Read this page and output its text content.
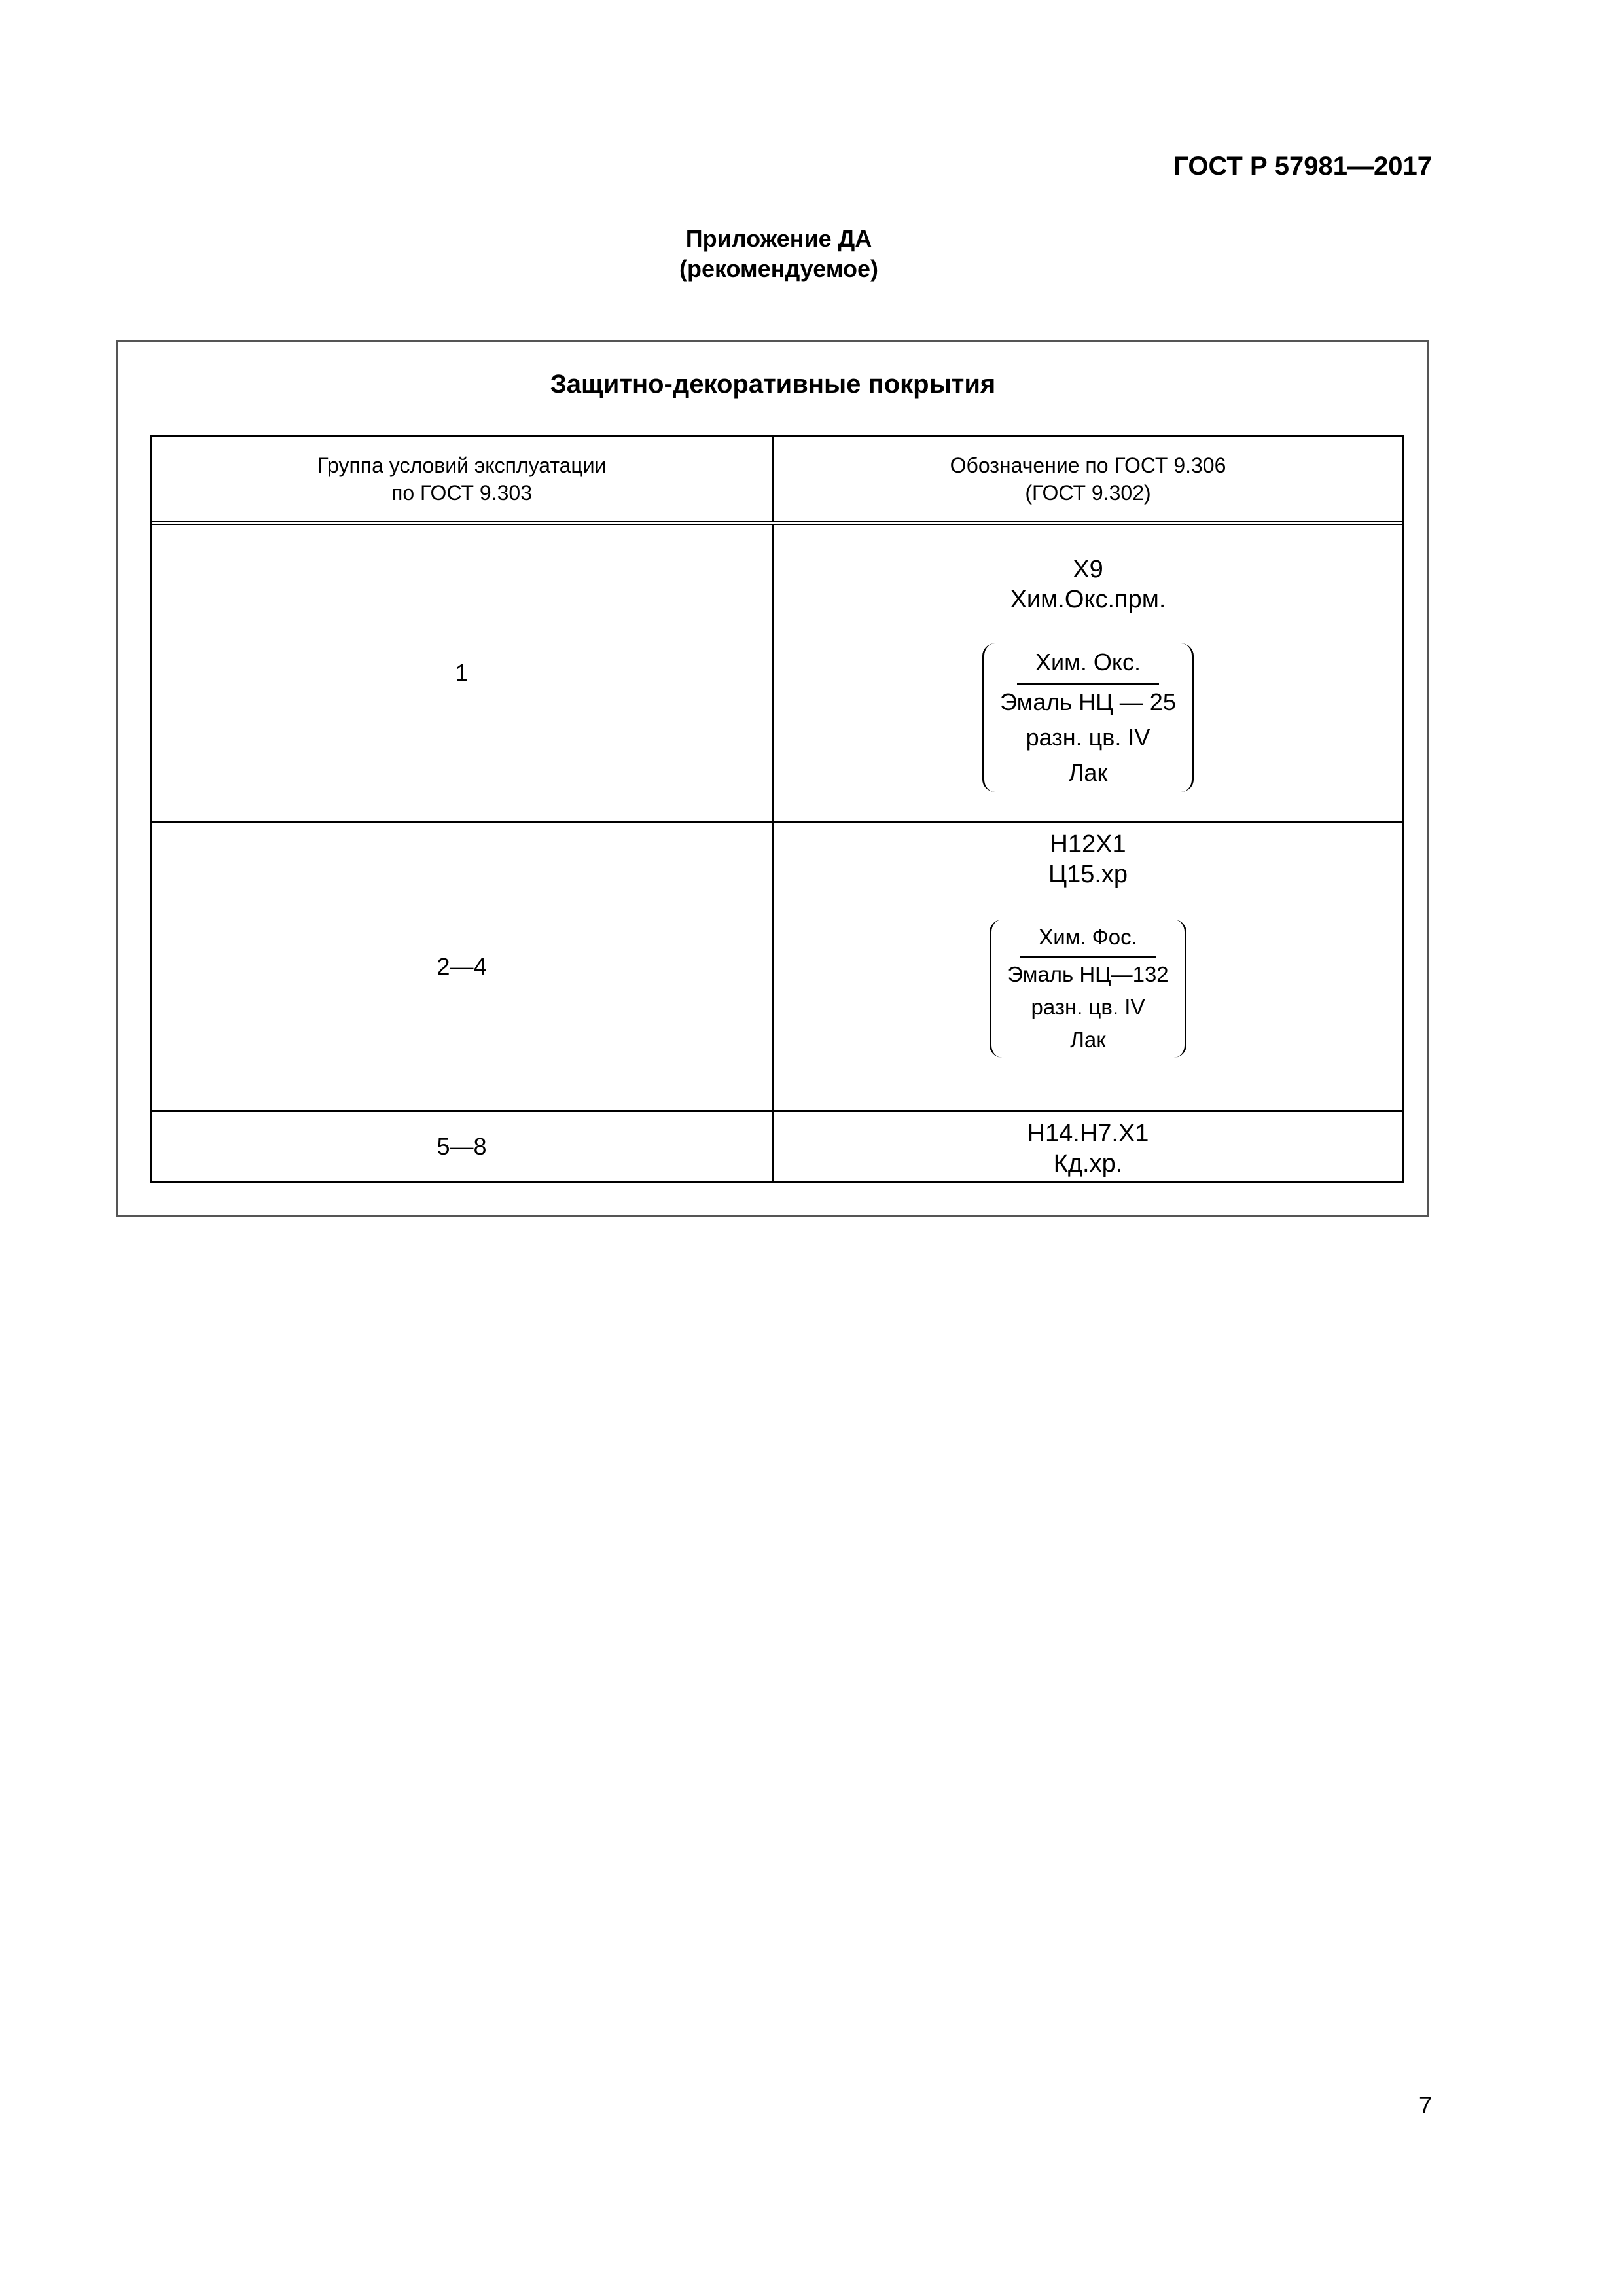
ГОСТ Р 57981—2017
Приложение ДА
(рекомендуемое)
Защитно-декоративные покрытия
Группа условий эксплуатации
по ГОСТ 9.303
Обозначение по ГОСТ 9.306
(ГОСТ 9.302)
1
Х9
Хим.Окс.прм.
Хим. Окс.
Эмаль НЦ — 25
разн. цв. IV
Лак
2—4
Н12Х1
Ц15.хр
Хим. Фос.
Эмаль НЦ—132
разн. цв. IV
Лак
5—8	Н14.Н7.Х1
Кд.хр.
7
